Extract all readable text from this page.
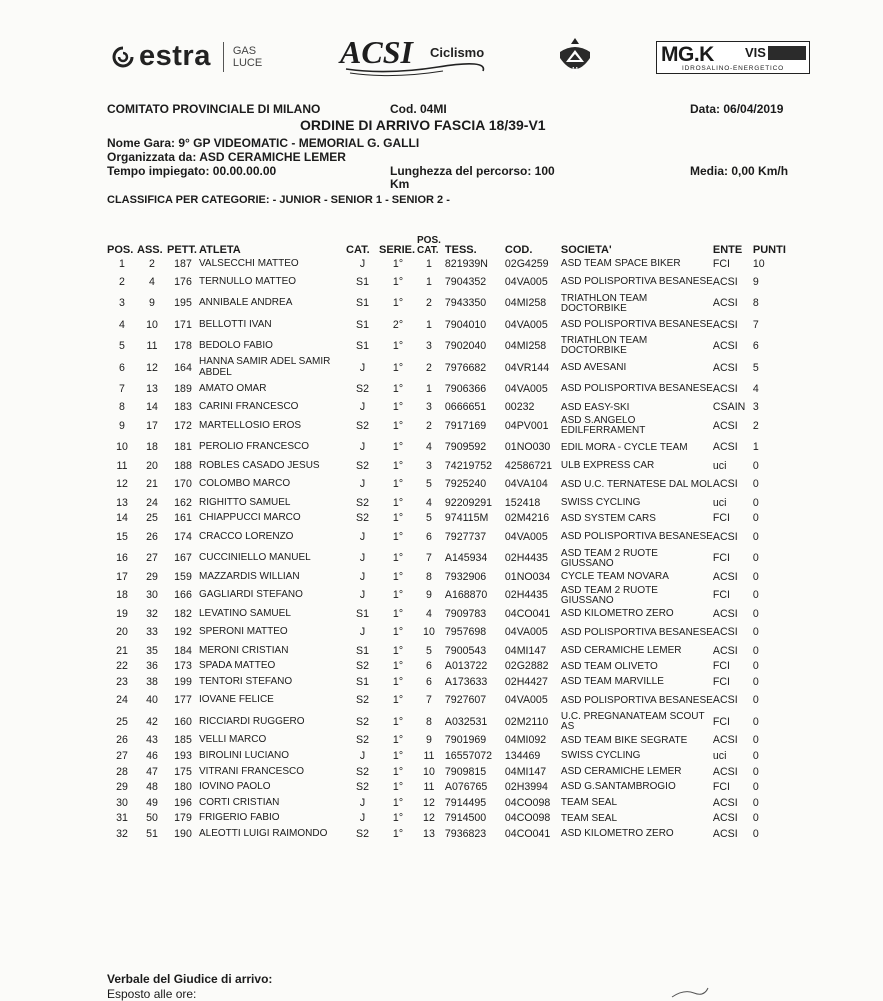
estra GAS
LUCE ACSI Ciclismo
M
MG.K VIS
IDROSALINO-ENERGETICO
COMITATO PROVINCIALE DI MILANO	Cod. 04MI	Data: 06/04/2019
ORDINE DI ARRIVO FASCIA 18/39-V1
Nome Gara: 9° GP VIDEOMATIC - MEMORIAL G. GALLI
Organizzata da: ASD CERAMICHE LEMER
Tempo impiegato: 00.00.00.00	Lunghezza del percorso: 100
Km
Media: 0,00 Km/h
CLASSIFICA PER CATEGORIE: - JUNIOR - SENIOR 1 - SENIOR 2 -
POS.	ASS.	PETT.	ATLETA	CAT.	SERIE.	POS. CAT.	TESS.	COD.	SOCIETA'	ENTE	PUNTI
1	2	187	VALSECCHI MATTEO	J	1°	1	821939N	02G4259	ASD TEAM SPACE BIKER	FCI	10
2	4	176	TERNULLO MATTEO	S1	1°	1	7904352	04VA005	ASD POLISPORTIVA BESANESE	ACSI	9
3	9	195	ANNIBALE ANDREA	S1	1°	2	7943350	04MI258	TRIATHLON TEAM DOCTORBIKE	ACSI	8
4	10	171	BELLOTTI IVAN	S1	2°	1	7904010	04VA005	ASD POLISPORTIVA BESANESE	ACSI	7
5	11	178	BEDOLO FABIO	S1	1°	3	7902040	04MI258	TRIATHLON TEAM DOCTORBIKE	ACSI	6
6	12	164	HANNA SAMIR ADEL SAMIR ABDEL	J	1°	2	7976682	04VR144	ASD AVESANI	ACSI	5
7	13	189	AMATO OMAR	S2	1°	1	7906366	04VA005	ASD POLISPORTIVA BESANESE	ACSI	4
8	14	183	CARINI FRANCESCO	J	1°	3	0666651	00232	ASD EASY-SKI	CSAIN	3
9	17	172	MARTELLOSIO EROS	S2	1°	2	7917169	04PV001	ASD S.ANGELO EDILFERRAMENT	ACSI	2
10	18	181	PEROLIO FRANCESCO	J	1°	4	7909592	01NO030	EDIL MORA - CYCLE TEAM	ACSI	1
11	20	188	ROBLES CASADO JESUS	S2	1°	3	74219752	42586721	ULB EXPRESS CAR	uci	0
12	21	170	COLOMBO MARCO	J	1°	5	7925240	04VA104	ASD U.C. TERNATESE DAL MOL	ACSI	0
13	24	162	RIGHITTO SAMUEL	S2	1°	4	92209291	152418	SWISS CYCLING	uci	0
14	25	161	CHIAPPUCCI MARCO	S2	1°	5	974115M	02M4216	ASD SYSTEM CARS	FCI	0
15	26	174	CRACCO LORENZO	J	1°	6	7927737	04VA005	ASD POLISPORTIVA BESANESE	ACSI	0
16	27	167	CUCCINIELLO MANUEL	J	1°	7	A145934	02H4435	ASD TEAM 2 RUOTE GIUSSANO	FCI	0
17	29	159	MAZZARDIS WILLIAN	J	1°	8	7932906	01NO034	CYCLE TEAM NOVARA	ACSI	0
18	30	166	GAGLIARDI STEFANO	J	1°	9	A168870	02H4435	ASD TEAM 2 RUOTE GIUSSANO	FCI	0
19	32	182	LEVATINO SAMUEL	S1	1°	4	7909783	04CO041	ASD KILOMETRO ZERO	ACSI	0
20	33	192	SPERONI MATTEO	J	1°	10	7957698	04VA005	ASD POLISPORTIVA BESANESE	ACSI	0
21	35	184	MERONI CRISTIAN	S1	1°	5	7900543	04MI147	ASD CERAMICHE LEMER	ACSI	0
22	36	173	SPADA MATTEO	S2	1°	6	A013722	02G2882	ASD TEAM OLIVETO	FCI	0
23	38	199	TENTORI STEFANO	S1	1°	6	A173633	02H4427	ASD TEAM MARVILLE	FCI	0
24	40	177	IOVANE FELICE	S2	1°	7	7927607	04VA005	ASD POLISPORTIVA BESANESE	ACSI	0
25	42	160	RICCIARDI RUGGERO	S2	1°	8	A032531	02M2110	U.C. PREGNANATEAM SCOUT AS	FCI	0
26	43	185	VELLI MARCO	S2	1°	9	7901969	04MI092	ASD TEAM BIKE SEGRATE	ACSI	0
27	46	193	BIROLINI LUCIANO	J	1°	11	16557072	134469	SWISS CYCLING	uci	0
28	47	175	VITRANI FRANCESCO	S2	1°	10	7909815	04MI147	ASD CERAMICHE LEMER	ACSI	0
29	48	180	IOVINO PAOLO	S2	1°	11	A076765	02H3994	ASD G.SANTAMBROGIO	FCI	0
30	49	196	CORTI CRISTIAN	J	1°	12	7914495	04CO098	TEAM SEAL	ACSI	0
31	50	179	FRIGERIO FABIO	J	1°	12	7914500	04CO098	TEAM SEAL	ACSI	0
32	51	190	ALEOTTI LUIGI RAIMONDO	S2	1°	13	7936823	04CO041	ASD KILOMETRO ZERO	ACSI	0
Verbale del Giudice di arrivo:
Esposto alle ore:
